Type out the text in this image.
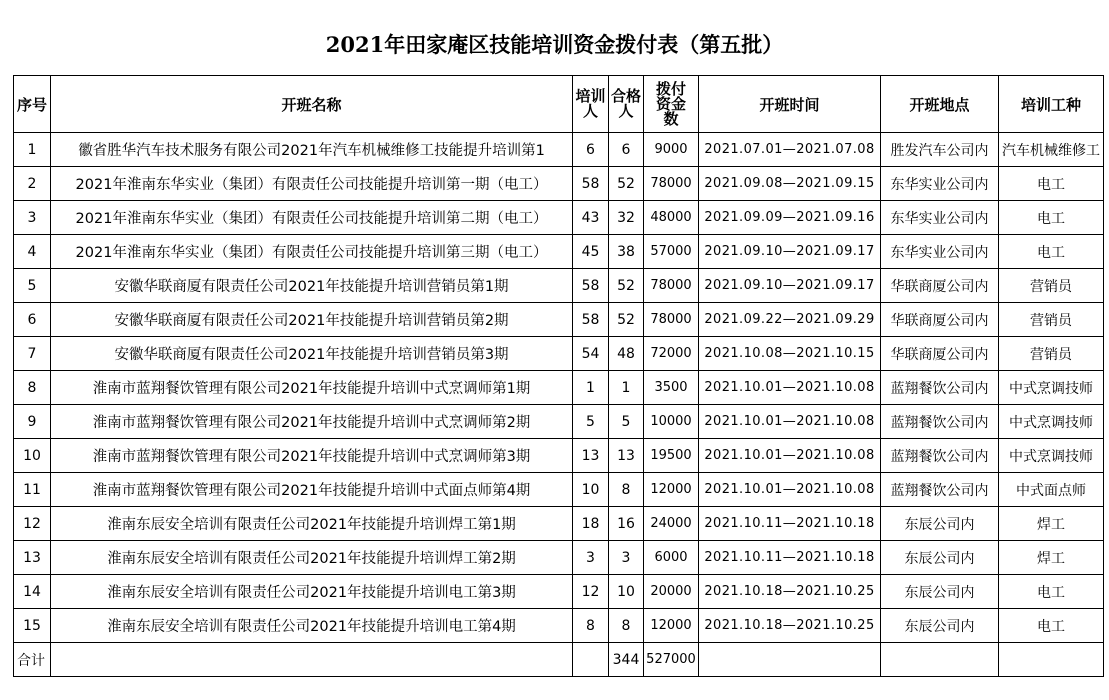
2021年田家庵区技能培训资金拨付表（第五批）
序号	开班名称	培训人	合格人	拨付资金数	开班时间	开班地点	培训工种
1	徽省胜华汽车技术服务有限公司2021年汽车机械维修工技能提升培训第1	6	6	9000	2021.07.01—2021.07.08	胜发汽车公司内	汽车机械维修工
2	2021年淮南东华实业（集团）有限责任公司技能提升培训第一期（电工）	58	52	78000	2021.09.08—2021.09.15	东华实业公司内	电工
3	2021年淮南东华实业（集团）有限责任公司技能提升培训第二期（电工）	43	32	48000	2021.09.09—2021.09.16	东华实业公司内	电工
4	2021年淮南东华实业（集团）有限责任公司技能提升培训第三期（电工）	45	38	57000	2021.09.10—2021.09.17	东华实业公司内	电工
5	安徽华联商厦有限责任公司2021年技能提升培训营销员第1期	58	52	78000	2021.09.10—2021.09.17	华联商厦公司内	营销员
6	安徽华联商厦有限责任公司2021年技能提升培训营销员第2期	58	52	78000	2021.09.22—2021.09.29	华联商厦公司内	营销员
7	安徽华联商厦有限责任公司2021年技能提升培训营销员第3期	54	48	72000	2021.10.08—2021.10.15	华联商厦公司内	营销员
8	淮南市蓝翔餐饮管理有限公司2021年技能提升培训中式烹调师第1期	1	1	3500	2021.10.01—2021.10.08	蓝翔餐饮公司内	中式烹调技师
9	淮南市蓝翔餐饮管理有限公司2021年技能提升培训中式烹调师第2期	5	5	10000	2021.10.01—2021.10.08	蓝翔餐饮公司内	中式烹调技师
10	淮南市蓝翔餐饮管理有限公司2021年技能提升培训中式烹调师第3期	13	13	19500	2021.10.01—2021.10.08	蓝翔餐饮公司内	中式烹调技师
11	淮南市蓝翔餐饮管理有限公司2021年技能提升培训中式面点师第4期	10	8	12000	2021.10.01—2021.10.08	蓝翔餐饮公司内	中式面点师
12	淮南东辰安全培训有限责任公司2021年技能提升培训焊工第1期	18	16	24000	2021.10.11—2021.10.18	东辰公司内	焊工
13	淮南东辰安全培训有限责任公司2021年技能提升培训焊工第2期	3	3	6000	2021.10.11—2021.10.18	东辰公司内	焊工
14	淮南东辰安全培训有限责任公司2021年技能提升培训电工第3期	12	10	20000	2021.10.18—2021.10.25	东辰公司内	电工
15	淮南东辰安全培训有限责任公司2021年技能提升培训电工第4期	8	8	12000	2021.10.18—2021.10.25	东辰公司内	电工
合计			344	527000			
